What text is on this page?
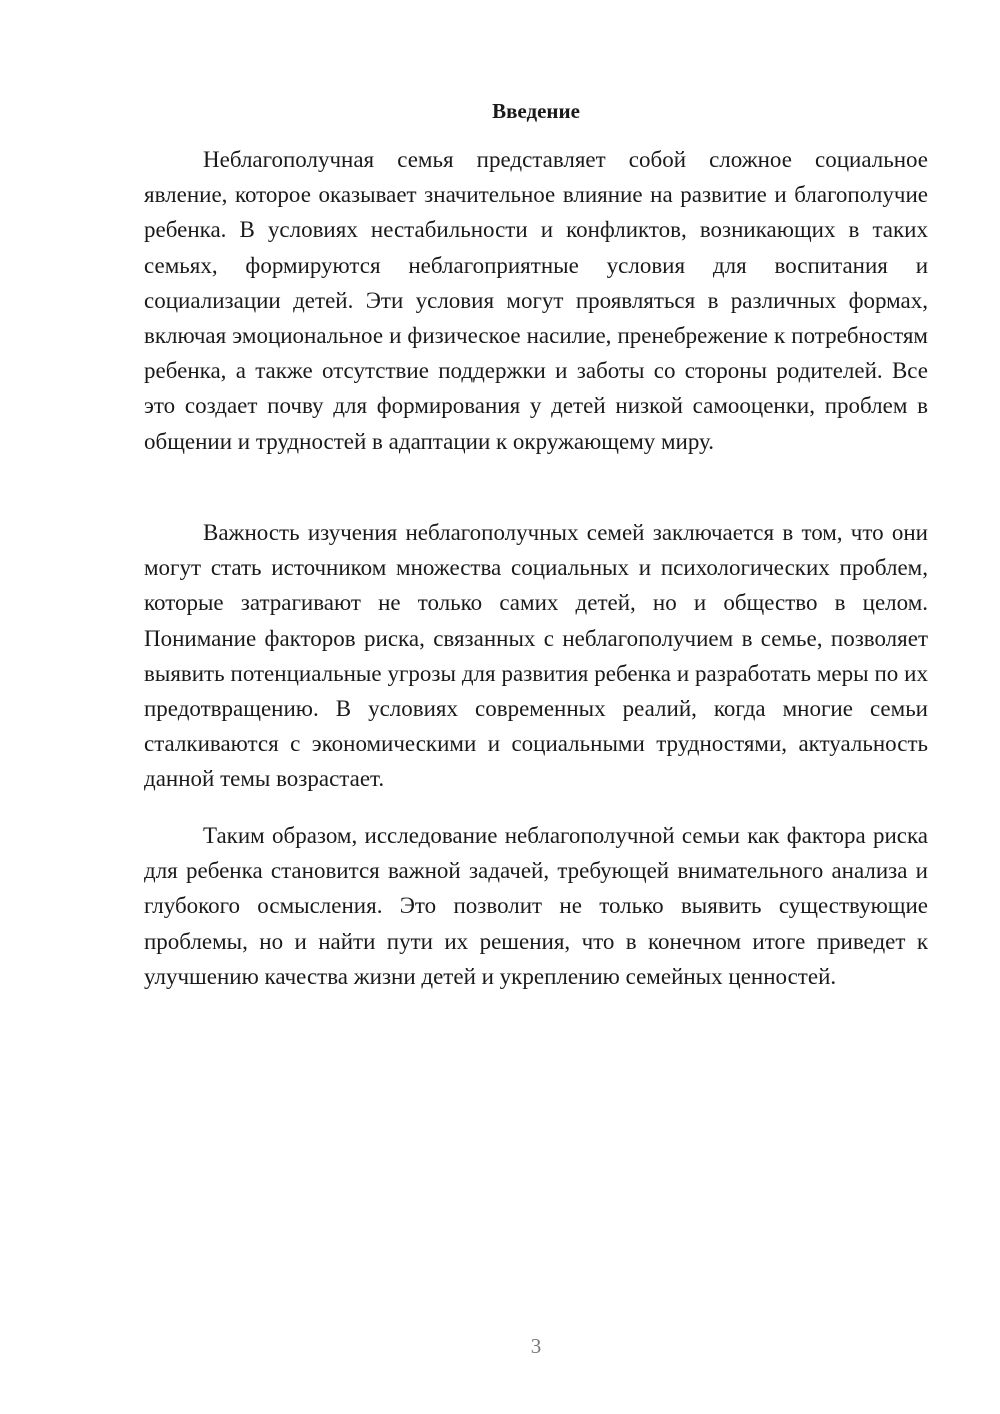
Введение

Неблагополучная семья представляет собой сложное социальное явление, которое оказывает значительное влияние на развитие и благополучие ребенка. В условиях нестабильности и конфликтов, возникающих в таких семьях, формируются неблагоприятные условия для воспитания и социализации детей. Эти условия могут проявляться в различных формах, включая эмоциональное и физическое насилие, пренебрежение к потребностям ребенка, а также отсутствие поддержки и заботы со стороны родителей. Все это создает почву для формирования у детей низкой самооценки, проблем в общении и трудностей в адаптации к окружающему миру.

Важность изучения неблагополучных семей заключается в том, что они могут стать источником множества социальных и психологических проблем, которые затрагивают не только самих детей, но и общество в целом. Понимание факторов риска, связанных с неблагополучием в семье, позволяет выявить потенциальные угрозы для развития ребенка и разработать меры по их предотвращению. В условиях современных реалий, когда многие семьи сталкиваются с экономическими и социальными трудностями, актуальность данной темы возрастает.

Таким образом, исследование неблагополучной семьи как фактора риска для ребенка становится важной задачей, требующей внимательного анализа и глубокого осмысления. Это позволит не только выявить существующие проблемы, но и найти пути их решения, что в конечном итоге приведет к улучшению качества жизни детей и укреплению семейных ценностей.

3
